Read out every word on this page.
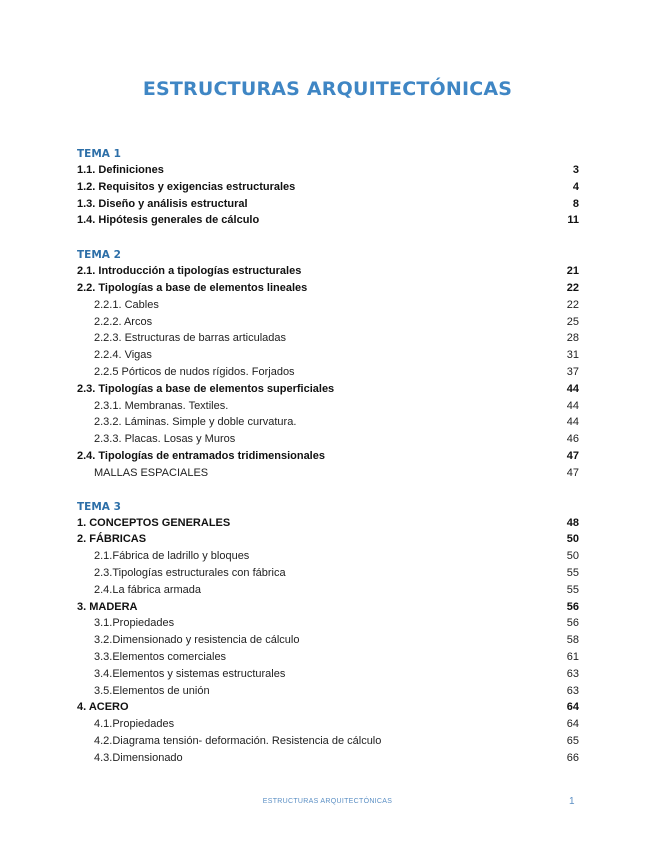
ESTRUCTURAS ARQUITECTÓNICAS
TEMA 1
1.1. Definiciones	3
1.2. Requisitos y exigencias estructurales	4
1.3. Diseño y análisis estructural	8
1.4. Hipótesis generales de cálculo	11
TEMA 2
2.1. Introducción a tipologías estructurales	21
2.2. Tipologías a base de elementos lineales	22
2.2.1. Cables	22
2.2.2. Arcos	25
2.2.3. Estructuras de barras articuladas	28
2.2.4. Vigas	31
2.2.5 Pórticos de nudos rígidos. Forjados	37
2.3. Tipologías a base de elementos superficiales	44
2.3.1. Membranas. Textiles.	44
2.3.2. Láminas. Simple y doble curvatura.	44
2.3.3. Placas. Losas y Muros	46
2.4. Tipologías de entramados tridimensionales	47
MALLAS ESPACIALES	47
TEMA 3
1. CONCEPTOS GENERALES	48
2. FÁBRICAS	50
2.1.Fábrica de ladrillo y bloques	50
2.3.Tipologías estructurales con fábrica	55
2.4.La fábrica armada	55
3. MADERA	56
3.1.Propiedades	56
3.2.Dimensionado y resistencia de cálculo	58
3.3.Elementos comerciales	61
3.4.Elementos y sistemas estructurales	63
3.5.Elementos de unión	63
4. ACERO	64
4.1.Propiedades	64
4.2.Diagrama tensión- deformación. Resistencia de cálculo	65
4.3.Dimensionado	66
ESTRUCTURAS ARQUITECTÓNICAS	1
